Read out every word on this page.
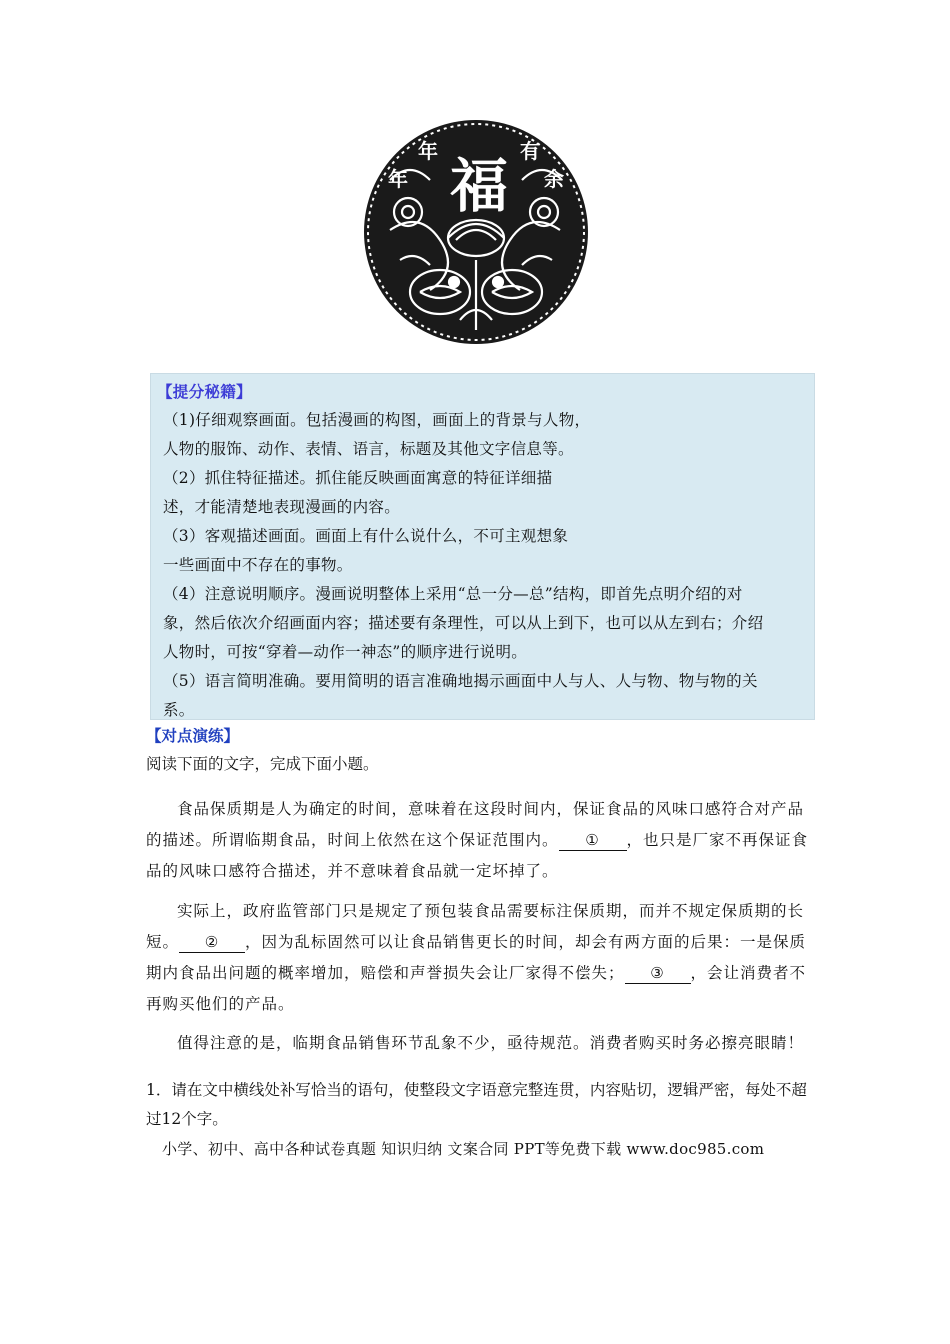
年
年
福
有
余

【提分秘籍】

（1)仔细观察画面。包括漫画的构图，画面上的背景与人物，

人物的服饰、动作、表情、语言，标题及其他文字信息等。

（2）抓住特征描述。抓住能反映画面寓意的特征详细描

述，才能清楚地表现漫画的内容。

（3）客观描述画面。画面上有什么说什么，不可主观想象

一些画面中不存在的事物。

（4）注意说明顺序。漫画说明整体上采用“总一分—总”结构，即首先点明介绍的对

象，然后依次介绍画面内容；描述要有条理性，可以从上到下，也可以从左到右；介绍

人物时，可按“穿着—动作一神态”的顺序进行说明。

（5）语言简明准确。要用简明的语言准确地揭示画面中人与人、人与物、物与物的关

系。

【对点演练】
阅读下面的文字，完成下面小题。

食品保质期是人为确定的时间，意味着在这段时间内，保证食品的风味口感符合对产品的描述。所谓临期食品，时间上依然在这个保证范围内。 ① ，也只是厂家不再保证食品的风味口感符合描述，并不意味着食品就一定坏掉了。

实际上，政府监管部门只是规定了预包装食品需要标注保质期，而并不规定保质期的长短。 ② ，因为乱标固然可以让食品销售更长的时间，却会有两方面的后果：一是保质期内食品出问题的概率增加，赔偿和声誉损失会让厂家得不偿失； ③ ，会让消费者不再购买他们的产品。

值得注意的是，临期食品销售环节乱象不少，亟待规范。消费者购买时务必擦亮眼睛！

1．请在文中横线处补写恰当的语句，使整段文字语意完整连贯，内容贴切，逻辑严密，每处不超过12个字。

小学、初中、高中各种试卷真题 知识归纳 文案合同 PPT等免费下载 www.doc985.com
